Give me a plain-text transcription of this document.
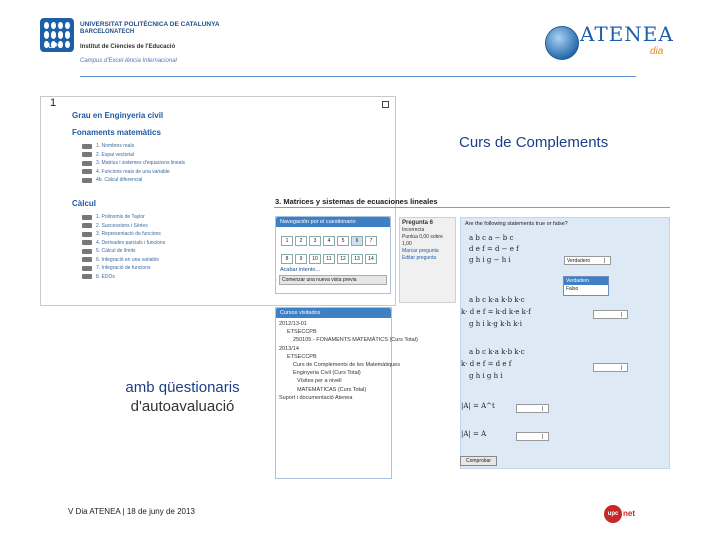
UPC
UNIVERSITAT POLITÈCNICA DE CATALUNYA
BARCELONATECH
Institut de Ciències de l'Educació
Campus d'Excel·lència Internacional
ATENEA
dia
1
Grau en Enginyeria civil
Fonaments matemàtics
1. Nombres reals
2. Espai vectorial
3. Matrius i sistemes d'equacions lineals
4. Funcions reals de una variable
4b. Càlcul diferencial
Càlcul
1. Polinomis de Taylor
2. Successions i Sèries
3. Representació de funcions
4. Derivades parcials i funcions
5. Càlcul de límits
6. Integració en una variable
7. Integració de funcions
8. EDOs
Curs de Complements
3. Matrices y sistemas de ecuaciones lineales
Navegación por el cuestionario
1 2 3 4 5 6 7
8 9 10 11 12 13 14
Acabar intento...
Comenzar una nueva vista previa
Cursos visitados
2012/13-01
ETSECCPB
250105 - FONAMENTS MATEMÀTICS (Curs Total)
2013/14
ETSECCPB
Curs de Complements de les Matemàtiques
Enginyeria Civil (Curs Total)
Vísites per a nivell
MATEMÀTICAS (Curs Total)
Suport i documentació Atenea
Pregunta 6
Incorrecta
Puntúa 0,00 sobre 1,00
Marcar pregunta
Editar pregunta
Are the following statements true or false?
a b c a − b c
d e f = d − e f
g h i g − h i
a b c k·a k·b k·c
k· d e f = k·d k·e k·f
g h i k·g k·h k·i
a b c k·a k·b k·c
k· d e f = d e f
g h i g h i
|A| = A^t
|A| = A
Verdadero
Verdadero
Falso
Comprobar
amb qüestionaris
d'autoavaluació
V Dia ATENEA | 18 de juny de 2013	upc net
